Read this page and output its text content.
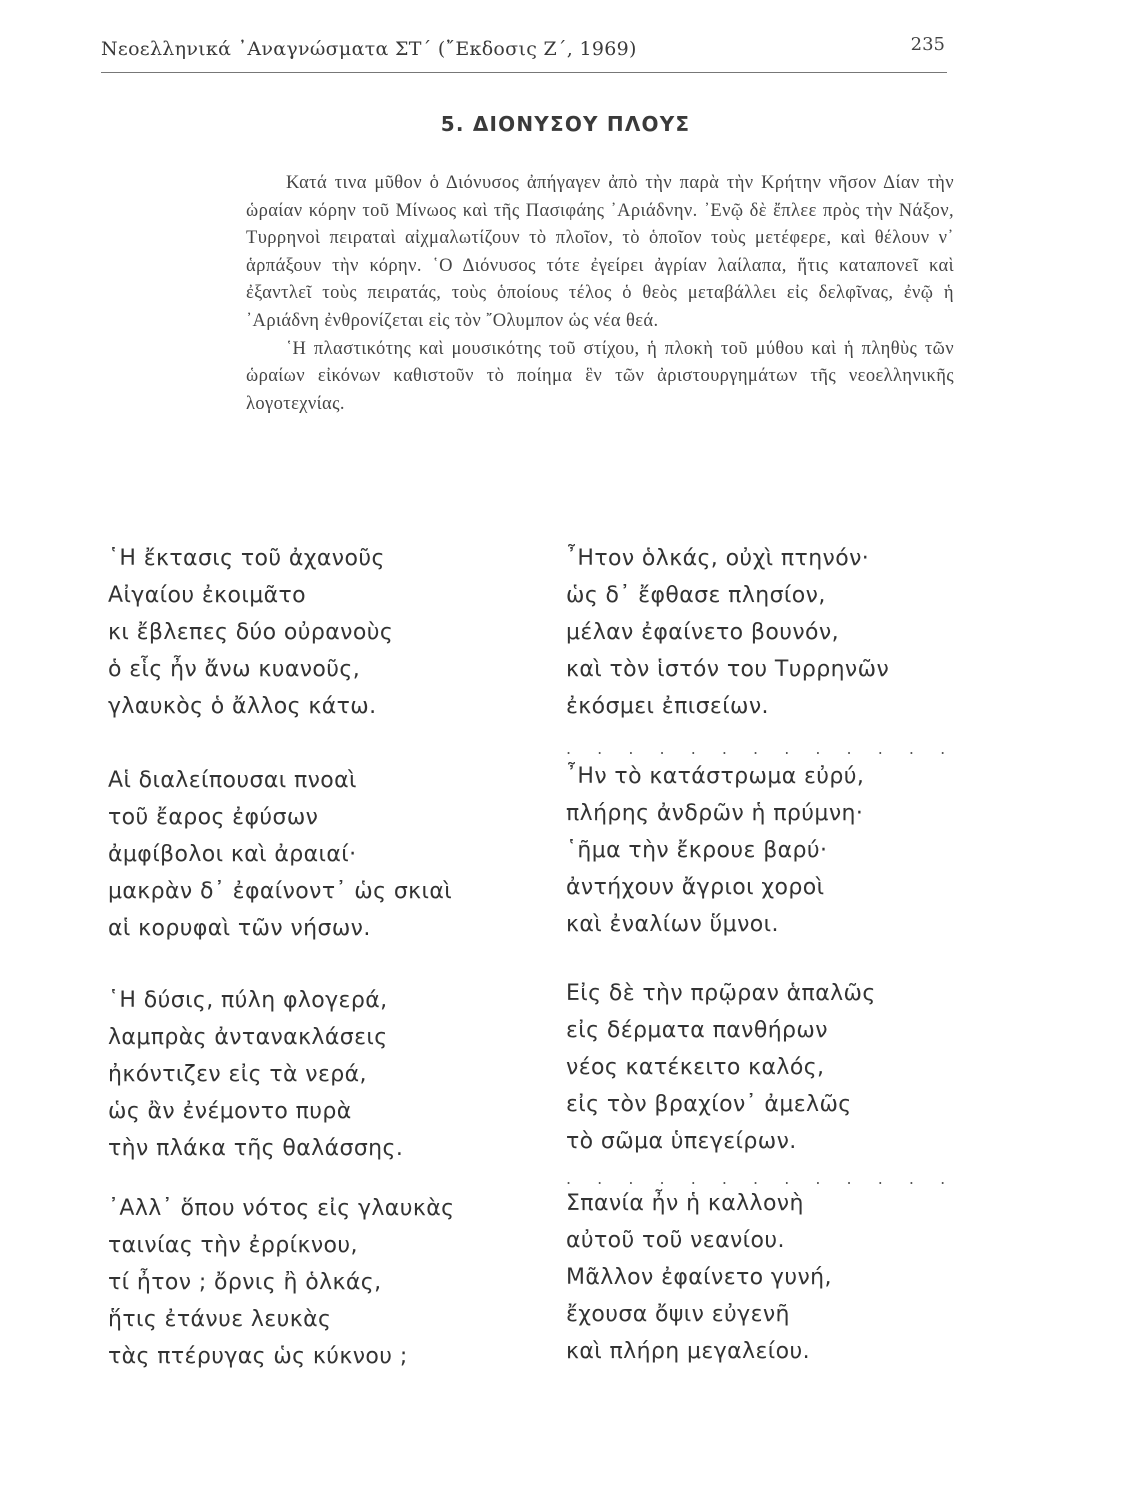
Νεοελληνικά ᾿Αναγνώσματα ΣΤ΄ (῎Εκδοσις Ζ΄, 1969)	235
5. ΔΙΟΝΥΣΟΥ ΠΛΟΥΣ

Κατά τινα μῦθον ὁ Διόνυσος ἀπήγαγεν ἀπὸ τὴν παρὰ τὴν Κρήτην νῆσον Δίαν τὴν ὡραίαν κόρην τοῦ Μίνωος καὶ τῆς Πασιφάης ᾿Αριάδνην. ᾿Ενῷ δὲ ἔπλεε πρὸς τὴν Νάξον, Τυρρηνοὶ πειραταὶ αἰχμαλωτίζουν τὸ πλοῖον, τὸ ὁποῖον τοὺς μετέφερε, καὶ θέλουν ν᾿ ἁρπάξουν τὴν κόρην. ῾Ο Διόνυσος τότε ἐγείρει ἀγρίαν λαίλαπα, ἥτις καταπονεῖ καὶ ἐξαντλεῖ τοὺς πειρατάς, τοὺς ὁποίους τέλος ὁ θεὸς μεταβάλλει εἰς δελφῖνας, ἐνῷ ἡ ᾿Αριάδνη ἐνθρονίζεται εἰς τὸν ῎Ολυμπον ὡς νέα θεά.

῾Η πλαστικότης καὶ μουσικότης τοῦ στίχου, ἡ πλοκὴ τοῦ μύθου καὶ ἡ πληθὺς τῶν ὡραίων εἰκόνων καθιστοῦν τὸ ποίημα ἓν τῶν ἀριστουργημάτων τῆς νεοελληνικῆς λογοτεχνίας.

῾Η ἔκτασις τοῦ ἀχανοῦς
Αἰγαίου ἐκοιμᾶτο
κι ἔβλεπες δύο οὐρανοὺς
ὁ εἷς ἦν ἄνω κυανοῦς,
γλαυκὸς ὁ ἄλλος κάτω.
Αἱ διαλείπουσαι πνοαὶ
τοῦ ἔαρος ἐφύσων
ἀμφίβολοι καὶ ἀραιαί·
μακρὰν δ᾿ ἐφαίνοντ᾿ ὡς σκιαὶ
αἱ κορυφαὶ τῶν νήσων.
῾Η δύσις, πύλη φλογερά,
λαμπρὰς ἀντανακλάσεις
ἠκόντιζεν εἰς τὰ νερά,
ὡς ἂν ἐνέμοντο πυρὰ
τὴν πλάκα τῆς θαλάσσης.
᾿Αλλ᾿ ὅπου νότος εἰς γλαυκὰς
ταινίας τὴν ἐρρίκνου,
τί ἦτον ; ὄρνις ἢ ὁλκάς,
ἥτις ἐτάνυε λευκὰς
τὰς πτέρυγας ὡς κύκνου ;
῏Ητον ὁλκάς, οὐχὶ πτηνόν·
ὡς δ᾿ ἔφθασε πλησίον,
μέλαν ἐφαίνετο βουνόν,
καὶ τὸν ἱστόν του Τυρρηνῶν
ἐκόσμει ἐπισείων.
. . . . . . . . . . . . .
῏Ην τὸ κατάστρωμα εὐρύ,
πλήρης ἀνδρῶν ἡ πρύμνη·
῾ῆμα τὴν ἔκρουε βαρύ·
ἀντήχουν ἄγριοι χοροὶ
καὶ ἐναλίων ὕμνοι.
Εἰς δὲ τὴν πρῷραν ἁπαλῶς
εἰς δέρματα πανθήρων
νέος κατέκειτο καλός,
εἰς τὸν βραχίον᾿ ἀμελῶς
τὸ σῶμα ὑπεγείρων.
. . . . . . . . . . . . .
Σπανία ἦν ἡ καλλονὴ
αὐτοῦ τοῦ νεανίου.
Μᾶλλον ἐφαίνετο γυνή,
ἔχουσα ὄψιν εὐγενῆ
καὶ πλήρη μεγαλείου.
